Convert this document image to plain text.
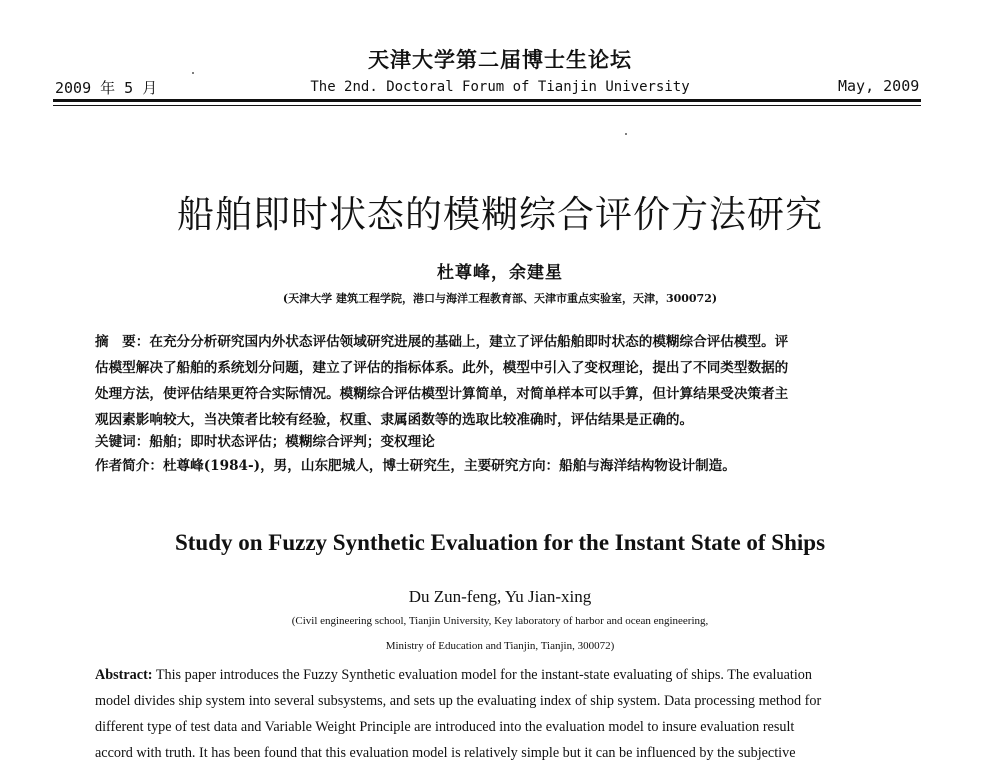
天津大学第二届博士生论坛
2009 年 5 月	The 2nd. Doctoral Forum of Tianjin University	May, 2009
船舶即时状态的模糊综合评价方法研究
杜尊峰，余建星
(天津大学 建筑工程学院，港口与海洋工程教育部、天津市重点实验室，天津，300072)
摘　要：在充分分析研究国内外状态评估领域研究进展的基础上，建立了评估船舶即时状态的模糊综合评估模型。评
估模型解决了船舶的系统划分问题，建立了评估的指标体系。此外，模型中引入了变权理论，提出了不同类型数据的
处理方法，使评估结果更符合实际情况。模糊综合评估模型计算简单，对简单样本可以手算，但计算结果受决策者主
观因素影响较大，当决策者比较有经验，权重、隶属函数等的选取比较准确时，评估结果是正确的。
关键词：船舶；即时状态评估；模糊综合评判；变权理论
作者简介：杜尊峰(1984-)，男，山东肥城人，博士研究生，主要研究方向：船舶与海洋结构物设计制造。
Study on Fuzzy Synthetic Evaluation for the Instant State of Ships
Du Zun-feng, Yu Jian-xing
(Civil engineering school, Tianjin University, Key laboratory of harbor and ocean engineering,
Ministry of Education and Tianjin, Tianjin, 300072)
Abstract: This paper introduces the Fuzzy Synthetic evaluation model for the instant-state evaluating of ships. The evaluation
model divides ship system into several subsystems, and sets up the evaluating index of ship system. Data processing method for
different type of test data and Variable Weight Principle are introduced into the evaluation model to insure evaluation result
accord with truth. It has been found that this evaluation model is relatively simple but it can be influenced by the subjective
